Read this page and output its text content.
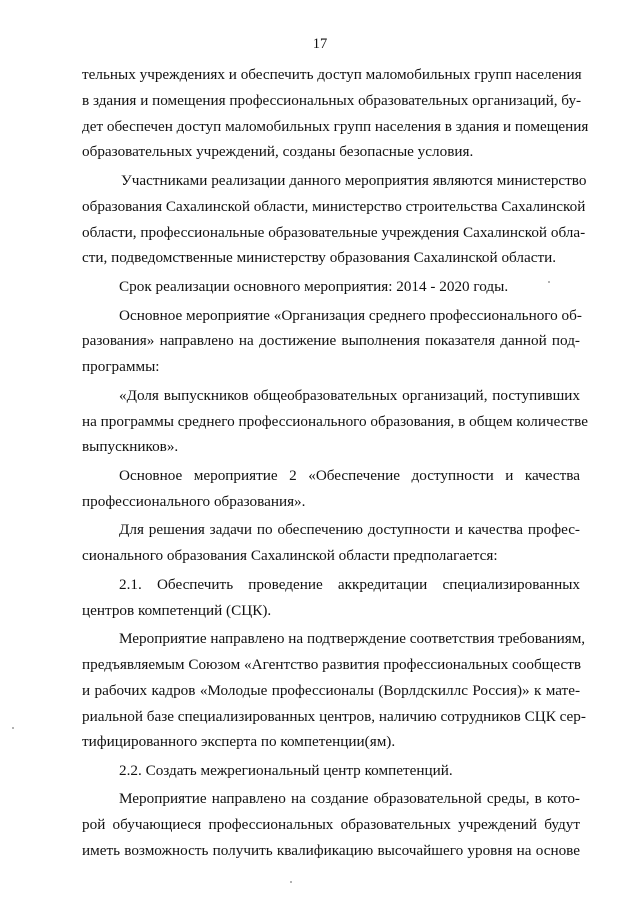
17
тельных учреждениях и обеспечить доступ маломобильных групп населения
в здания и помещения профессиональных образовательных организаций, бу-
дет обеспечен доступ маломобильных групп населения в здания и помещения
образовательных учреждений, созданы безопасные условия.
Участниками реализации данного мероприятия являются министерство
образования Сахалинской области, министерство строительства Сахалинской
области, профессиональные образовательные учреждения Сахалинской обла-
сти, подведомственные министерству образования Сахалинской области.
Срок реализации основного мероприятия: 2014 - 2020 годы.
Основное мероприятие «Организация среднего профессионального об-
разования» направлено на достижение выполнения показателя данной под-
программы:
«Доля выпускников общеобразовательных организаций, поступивших
на программы среднего профессионального образования, в общем количестве
выпускников».
Основное мероприятие 2 «Обеспечение доступности и качества
профессионального образования».
Для решения задачи по обеспечению доступности и качества профес-
сионального образования Сахалинской области предполагается:
2.1. Обеспечить проведение аккредитации специализированных
центров компетенций (СЦК).
Мероприятие направлено на подтверждение соответствия требованиям,
предъявляемым Союзом «Агентство развития профессиональных сообществ
и рабочих кадров «Молодые профессионалы (Ворлдскиллс Россия)» к мате-
риальной базе специализированных центров, наличию сотрудников СЦК сер-
тифицированного эксперта по компетенции(ям).
2.2. Создать межрегиональный центр компетенций.
Мероприятие направлено на создание образовательной среды, в кото-
рой обучающиеся профессиональных образовательных учреждений будут
иметь возможность получить квалификацию высочайшего уровня на основе
